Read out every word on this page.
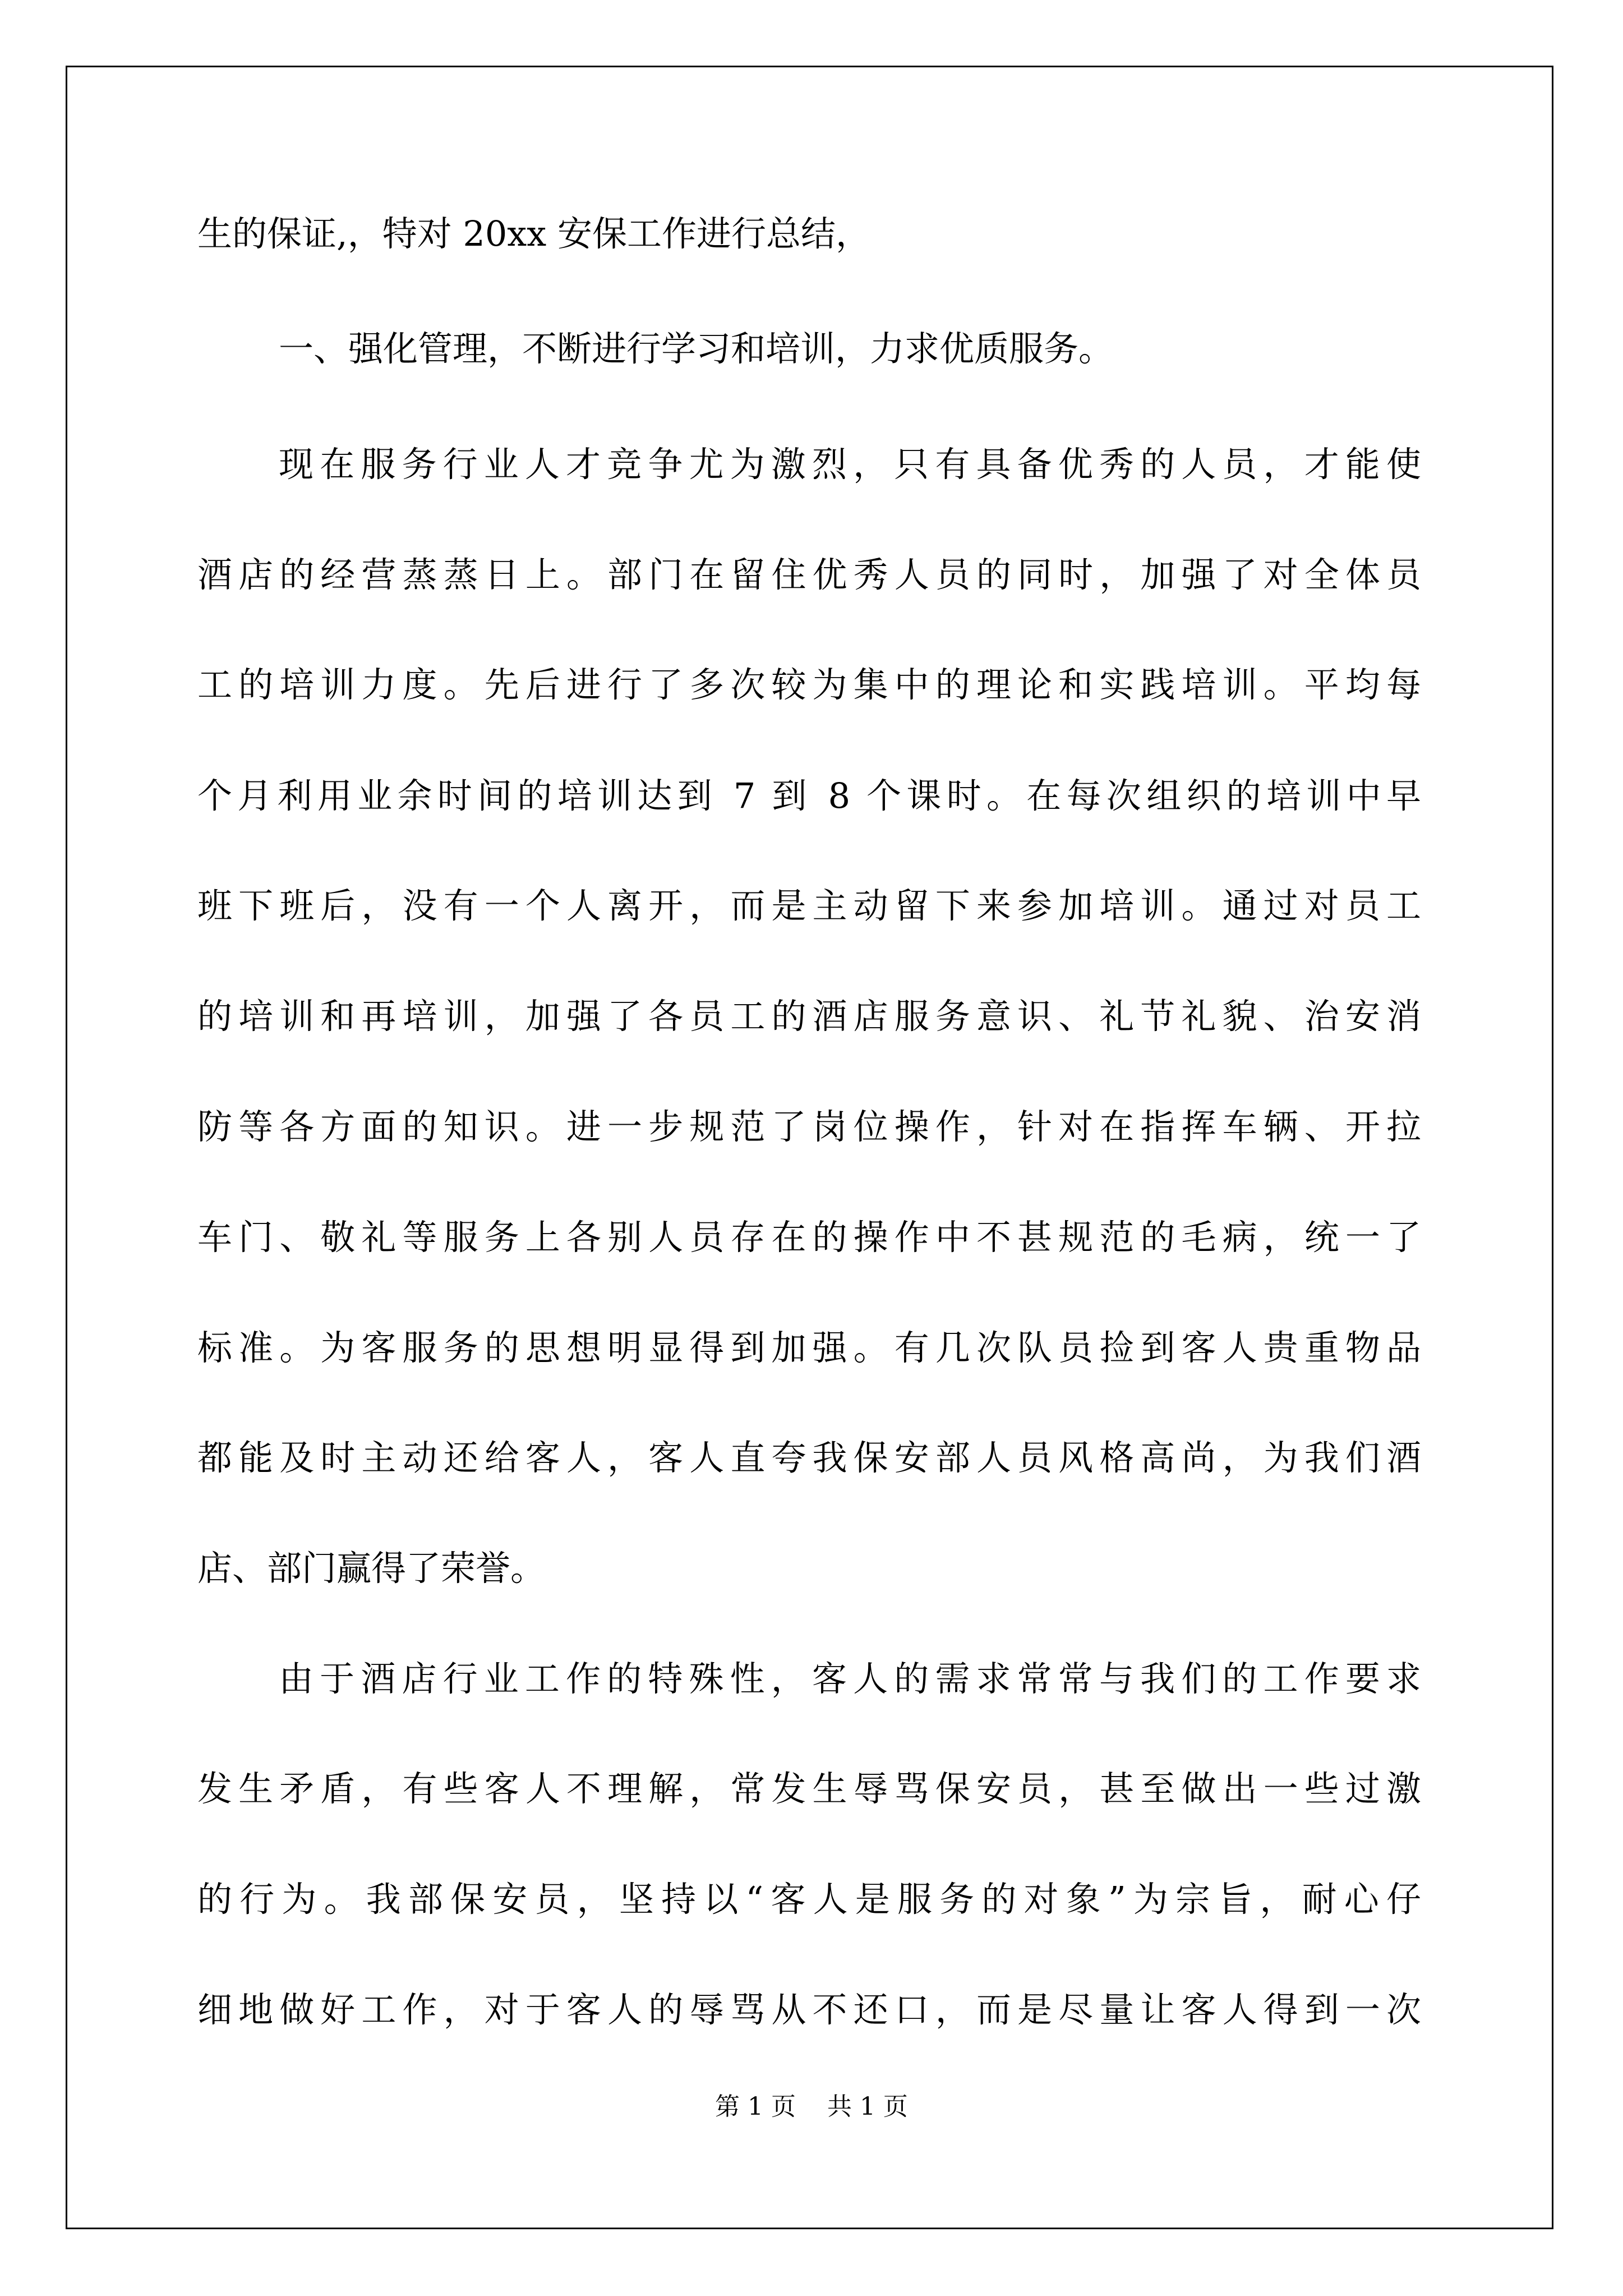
生的保证,，特对 20xx 安保工作进行总结，
一、强化管理，不断进行学习和培训，力求优质服务。
现在服务行业人才竞争尤为激烈，只有具备优秀的人员，才能使
酒店的经营蒸蒸日上。部门在留住优秀人员的同时，加强了对全体员
工的培训力度。先后进行了多次较为集中的理论和实践培训。平均每
个月利用业余时间的培训达到 7 到 8 个课时。在每次组织的培训中早
班下班后，没有一个人离开，而是主动留下来参加培训。通过对员工
的培训和再培训，加强了各员工的酒店服务意识、礼节礼貌、治安消
防等各方面的知识。进一步规范了岗位操作，针对在指挥车辆、开拉
车门、敬礼等服务上各别人员存在的操作中不甚规范的毛病，统一了
标准。为客服务的思想明显得到加强。有几次队员捡到客人贵重物品
都能及时主动还给客人，客人直夸我保安部人员风格高尚，为我们酒
店、部门赢得了荣誉。
由于酒店行业工作的特殊性，客人的需求常常与我们的工作要求
发生矛盾，有些客人不理解，常发生辱骂保安员，甚至做出一些过激
的行为。我部保安员，坚持以“客人是服务的对象”为宗旨，耐心仔
细地做好工作，对于客人的辱骂从不还口，而是尽量让客人得到一次
第 1 页    共 1 页
